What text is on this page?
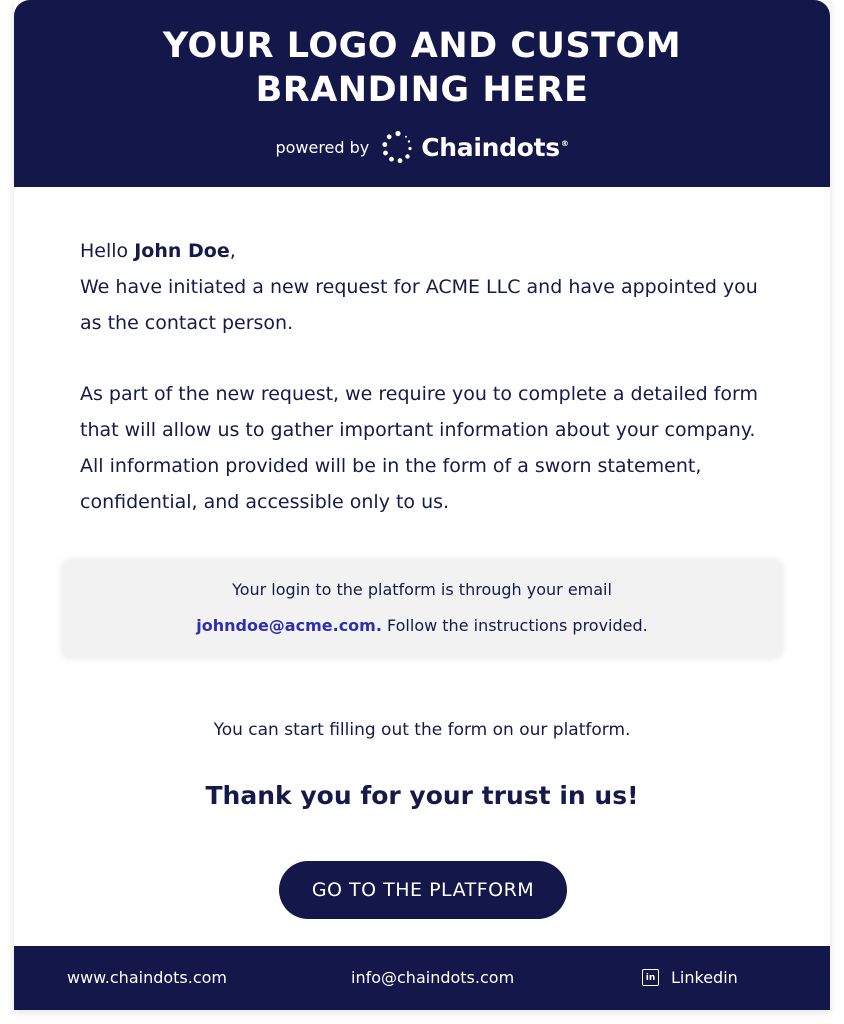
YOUR LOGO AND CUSTOM
BRANDING HERE
powered by Chaindots®
Hello John Doe,
We have initiated a new request for ACME LLC and have appointed you as the contact person.
As part of the new request, we require you to complete a detailed form that will allow us to gather important information about your company. All information provided will be in the form of a sworn statement, confidential, and accessible only to us.
Your login to the platform is through your email
johndoe@acme.com. Follow the instructions provided.
You can start filling out the form on our platform.
Thank you for your trust in us!
GO TO THE PLATFORM
www.chaindots.com	info@chaindots.com	in Linkedin
